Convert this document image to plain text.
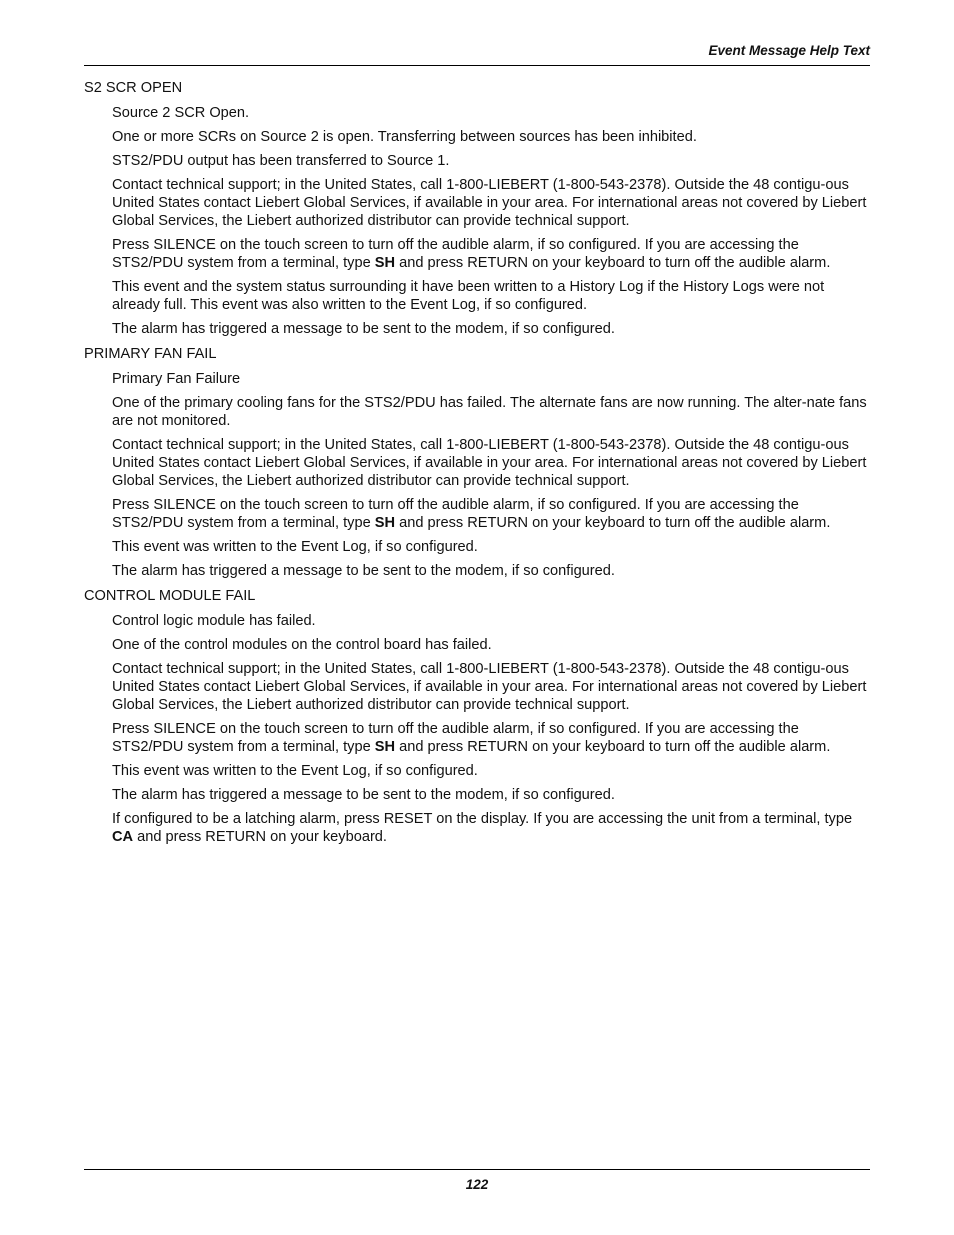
Event Message Help Text
S2 SCR OPEN

Source 2 SCR Open.

One or more SCRs on Source 2 is open. Transferring between sources has been inhibited.

STS2/PDU output has been transferred to Source 1.

Contact technical support; in the United States, call 1-800-LIEBERT (1-800-543-2378). Outside the 48 contigu-ous United States contact Liebert Global Services, if available in your area. For international areas not covered by Liebert Global Services, the Liebert authorized distributor can provide technical support.

Press SILENCE on the touch screen to turn off the audible alarm, if so configured. If you are accessing the STS2/PDU system from a terminal, type SH and press RETURN on your keyboard to turn off the audible alarm.

This event and the system status surrounding it have been written to a History Log if the History Logs were not already full. This event was also written to the Event Log, if so configured.

The alarm has triggered a message to be sent to the modem, if so configured.

PRIMARY FAN FAIL

Primary Fan Failure

One of the primary cooling fans for the STS2/PDU has failed. The alternate fans are now running. The alter-nate fans are not monitored.

Contact technical support; in the United States, call 1-800-LIEBERT (1-800-543-2378). Outside the 48 contigu-ous United States contact Liebert Global Services, if available in your area. For international areas not covered by Liebert Global Services, the Liebert authorized distributor can provide technical support.

Press SILENCE on the touch screen to turn off the audible alarm, if so configured. If you are accessing the STS2/PDU system from a terminal, type SH and press RETURN on your keyboard to turn off the audible alarm.

This event was written to the Event Log, if so configured.

The alarm has triggered a message to be sent to the modem, if so configured.

CONTROL MODULE FAIL

Control logic module has failed.

One of the control modules on the control board has failed.

Contact technical support; in the United States, call 1-800-LIEBERT (1-800-543-2378). Outside the 48 contigu-ous United States contact Liebert Global Services, if available in your area. For international areas not covered by Liebert Global Services, the Liebert authorized distributor can provide technical support.

Press SILENCE on the touch screen to turn off the audible alarm, if so configured. If you are accessing the STS2/PDU system from a terminal, type SH and press RETURN on your keyboard to turn off the audible alarm.

This event was written to the Event Log, if so configured.

The alarm has triggered a message to be sent to the modem, if so configured.

If configured to be a latching alarm, press RESET on the display. If you are accessing the unit from a terminal, type CA and press RETURN on your keyboard.

122
